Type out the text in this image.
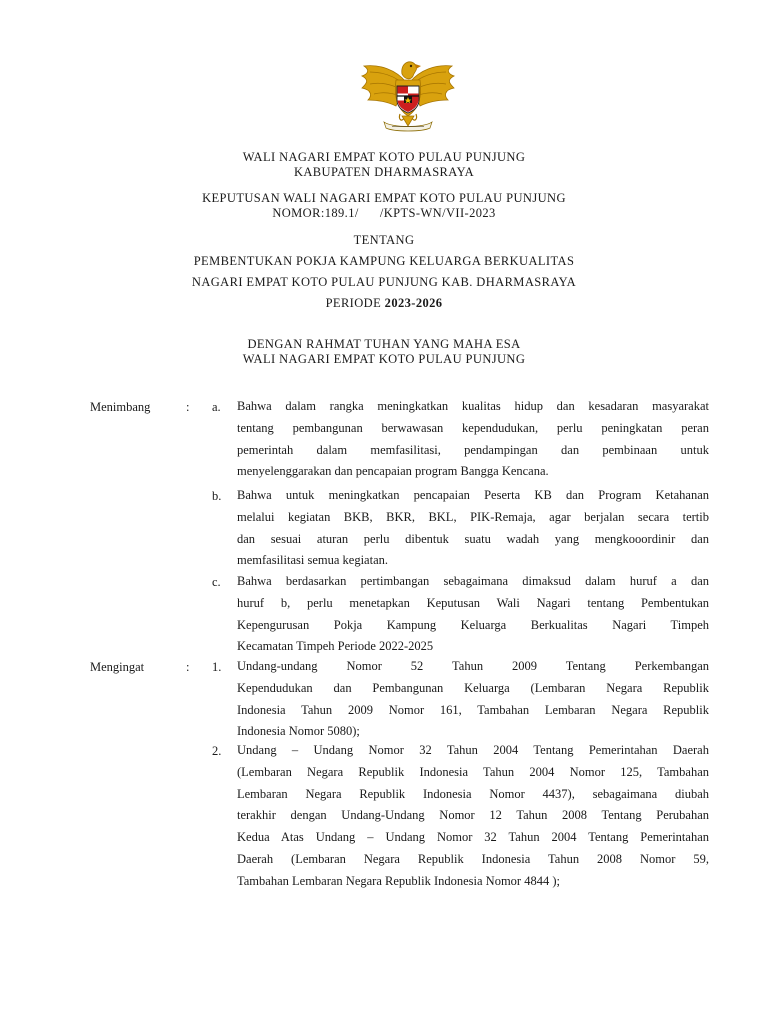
WALI NAGARI EMPAT KOTO PULAU PUNJUNG
KABUPATEN DHARMASRAYA
KEPUTUSAN WALI NAGARI EMPAT KOTO PULAU PUNJUNG
NOMOR:189.1/      /KPTS-WN/VII-2023
TENTANG
PEMBENTUKAN POKJA KAMPUNG KELUARGA BERKUALITAS
NAGARI EMPAT KOTO PULAU PUNJUNG KAB. DHARMASRAYA
PERIODE 2023-2026
DENGAN RAHMAT TUHAN YANG MAHA ESA
WALI NAGARI EMPAT KOTO PULAU PUNJUNG
Menimbang	: a. Bahwa dalam rangka meningkatkan kualitas hidup dan kesadaran masyarakat
tentang pembangunan berwawasan kependudukan, perlu peningkatan peran
pemerintah dalam memfasilitasi, pendampingan dan pembinaan untuk
menyelenggarakan dan pencapaian program Bangga Kencana.
b. Bahwa untuk meningkatkan pencapaian Peserta KB dan Program Ketahanan
melalui kegiatan BKB, BKR, BKL, PIK-Remaja, agar berjalan secara tertib
dan sesuai aturan perlu dibentuk suatu wadah yang mengkooordinir dan
memfasilitasi semua kegiatan.
c. Bahwa berdasarkan pertimbangan sebagaimana dimaksud dalam huruf a dan
huruf b, perlu menetapkan Keputusan Wali Nagari tentang Pembentukan
Kepengurusan Pokja Kampung Keluarga Berkualitas Nagari Timpeh
Kecamatan Timpeh Periode 2022-2025
Mengingat	: 1. Undang-undang Nomor 52 Tahun 2009 Tentang Perkembangan
Kependudukan dan Pembangunan Keluarga (Lembaran Negara Republik
Indonesia Tahun 2009 Nomor 161, Tambahan Lembaran Negara Republik
Indonesia Nomor 5080);
2. Undang – Undang Nomor 32 Tahun 2004 Tentang Pemerintahan Daerah
(Lembaran Negara Republik Indonesia Tahun 2004 Nomor 125, Tambahan
Lembaran Negara Republik Indonesia Nomor 4437), sebagaimana diubah
terakhir dengan Undang-Undang Nomor 12 Tahun 2008 Tentang Perubahan
Kedua Atas Undang – Undang Nomor 32 Tahun 2004 Tentang Pemerintahan
Daerah (Lembaran Negara Republik Indonesia Tahun 2008 Nomor 59,
Tambahan Lembaran Negara Republik Indonesia Nomor 4844 );
